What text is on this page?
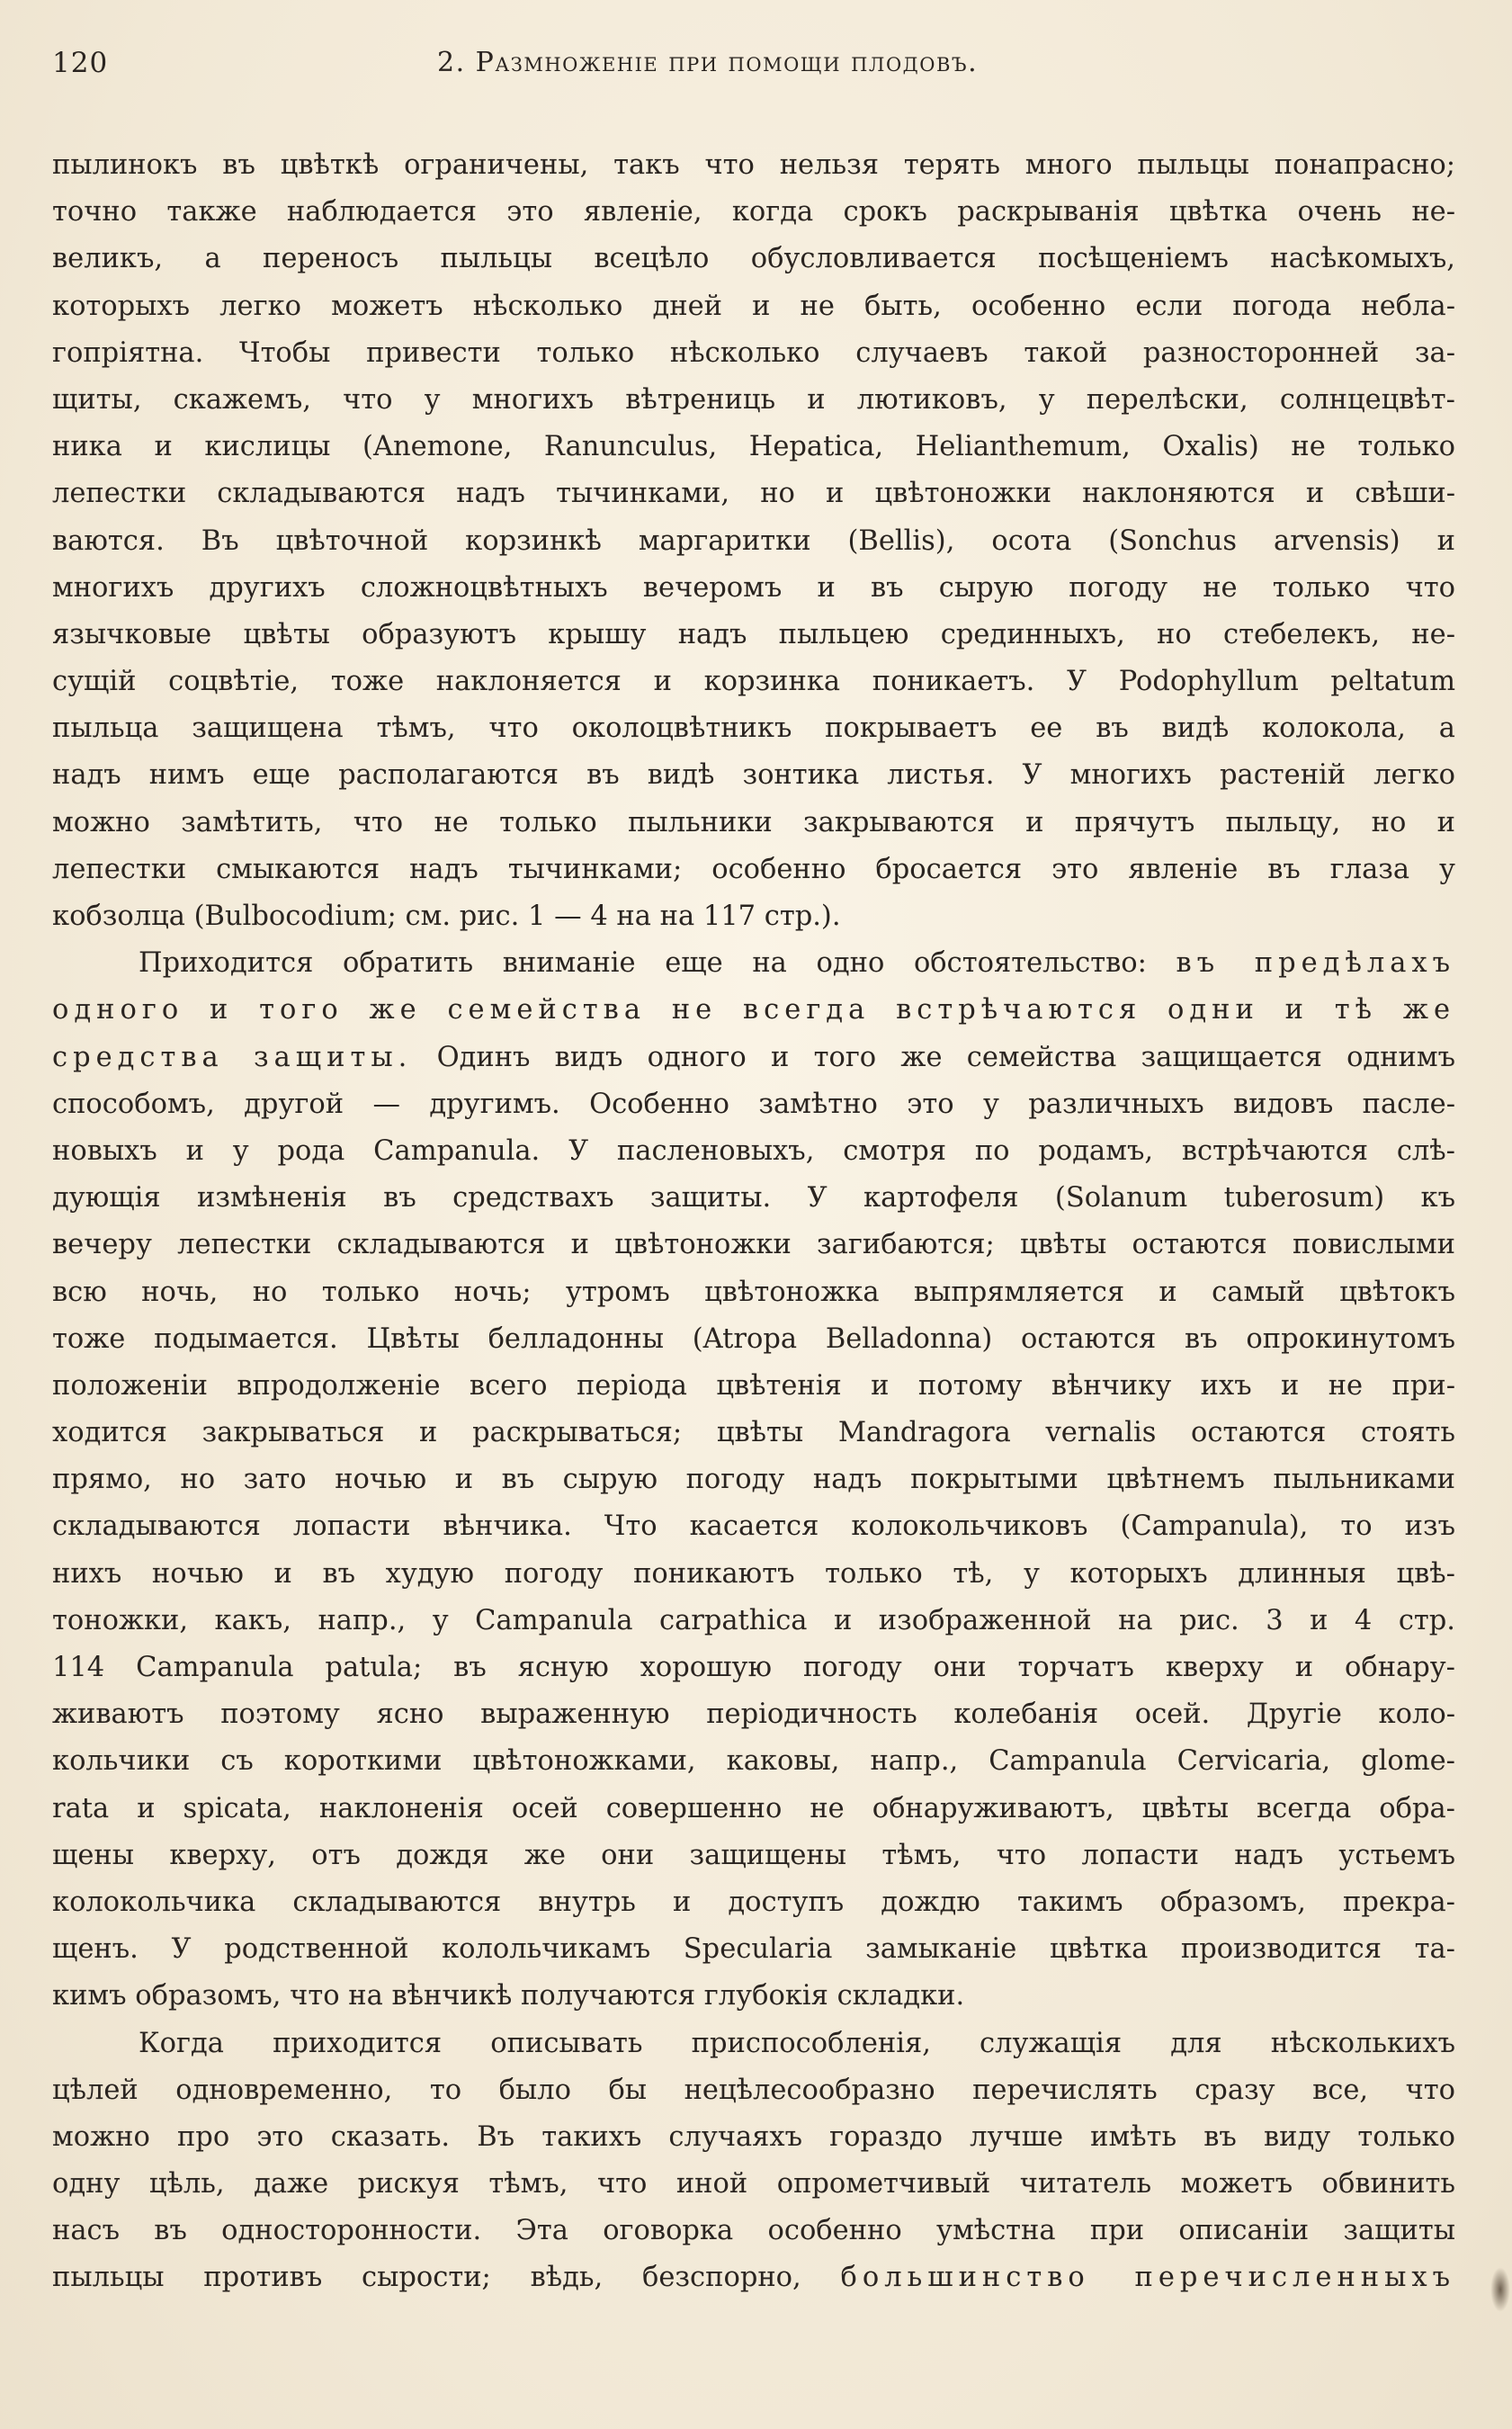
120	2. Размноженіе при помощи плодовъ.
пылинокъ въ цвѣткѣ ограничены, такъ что нельзя терять много пыльцы понапрасно;
точно также наблюдается это явленіе, когда срокъ раскрыванія цвѣтка очень не-
великъ, а переносъ пыльцы всецѣло обусловливается посѣщеніемъ насѣкомыхъ,
которыхъ легко можетъ нѣсколько дней и не быть, особенно если погода небла-
гопріятна. Чтобы привести только нѣсколько случаевъ такой разносторонней за-
щиты, скажемъ, что у многихъ вѣтрениць и лютиковъ, у перелѣски, солнцецвѣт-
ника и кислицы (Anemone, Ranunculus, Hepatica, Helianthemum, Oxalis) не только
лепестки складываются надъ тычинками, но и цвѣтоножки наклоняются и свѣши-
ваются. Въ цвѣточной корзинкѣ маргаритки (Bellis), осота (Sonchus arvensis) и
многихъ другихъ сложноцвѣтныхъ вечеромъ и въ сырую погоду не только что
язычковые цвѣты образуютъ крышу надъ пыльцею срединныхъ, но стебелекъ, не-
сущій соцвѣтіе, тоже наклоняется и корзинка поникаетъ. У Podophyllum peltatum
пыльца защищена тѣмъ, что околоцвѣтникъ покрываетъ ее въ видѣ колокола, а
надъ нимъ еще располагаются въ видѣ зонтика листья. У многихъ растеній легко
можно замѣтить, что не только пыльники закрываются и прячутъ пыльцу, но и
лепестки смыкаются надъ тычинками; особенно бросается это явленіе въ глаза у
кобзолца (Bulbocodium; см. рис. 1 — 4 на на 117 стр.).
Приходится обратить вниманіе еще на одно обстоятельство: въ предѣлахъ
одного и того же семейства не всегда встрѣчаются одни и тѣ же
средства защиты. Одинъ видъ одного и того же семейства защищается однимъ
способомъ, другой — другимъ. Особенно замѣтно это у различныхъ видовъ пасле-
новыхъ и у рода Campanula. У пасленовыхъ, смотря по родамъ, встрѣчаются слѣ-
дующія измѣненія въ средствахъ защиты. У картофеля (Solanum tuberosum) къ
вечеру лепестки складываются и цвѣтоножки загибаются; цвѣты остаются повислыми
всю ночь, но только ночь; утромъ цвѣтоножка выпрямляется и самый цвѣтокъ
тоже подымается. Цвѣты белладонны (Atropa Belladonna) остаются въ опрокинутомъ
положеніи впродолженіе всего періода цвѣтенія и потому вѣнчику ихъ и не при-
ходится закрываться и раскрываться; цвѣты Mandragora vernalis остаются стоять
прямо, но зато ночью и въ сырую погоду надъ покрытыми цвѣтнемъ пыльниками
складываются лопасти вѣнчика. Что касается колокольчиковъ (Campanula), то изъ
нихъ ночью и въ худую погоду поникаютъ только тѣ, у которыхъ длинныя цвѣ-
тоножки, какъ, напр., у Campanula carpathica и изображенной на рис. 3 и 4 стр.
114 Campanula patula; въ ясную хорошую погоду они торчатъ кверху и обнару-
живаютъ поэтому ясно выраженную періодичность колебанія осей. Другіе коло-
кольчики съ короткими цвѣтоножками, каковы, напр., Campanula Cervicaria, glome-
rata и spicata, наклоненія осей совершенно не обнаруживаютъ, цвѣты всегда обра-
щены кверху, отъ дождя же они защищены тѣмъ, что лопасти надъ устьемъ
колокольчика складываются внутрь и доступъ дождю такимъ образомъ, прекра-
щенъ. У родственной колольчикамъ Specularia замыканіе цвѣтка производится та-
кимъ образомъ, что на вѣнчикѣ получаются глубокія складки.
Когда приходится описывать приспособленія, служащія для нѣсколькихъ
цѣлей одновременно, то было бы нецѣлесообразно перечислять сразу все, что
можно про это сказать. Въ такихъ случаяхъ гораздо лучше имѣть въ виду только
одну цѣль, даже рискуя тѣмъ, что иной опрометчивый читатель можетъ обвинить
насъ въ односторонности. Эта оговорка особенно умѣстна при описаніи защиты
пыльцы противъ сырости; вѣдь, безспорно, большинство перечисленныхъ
